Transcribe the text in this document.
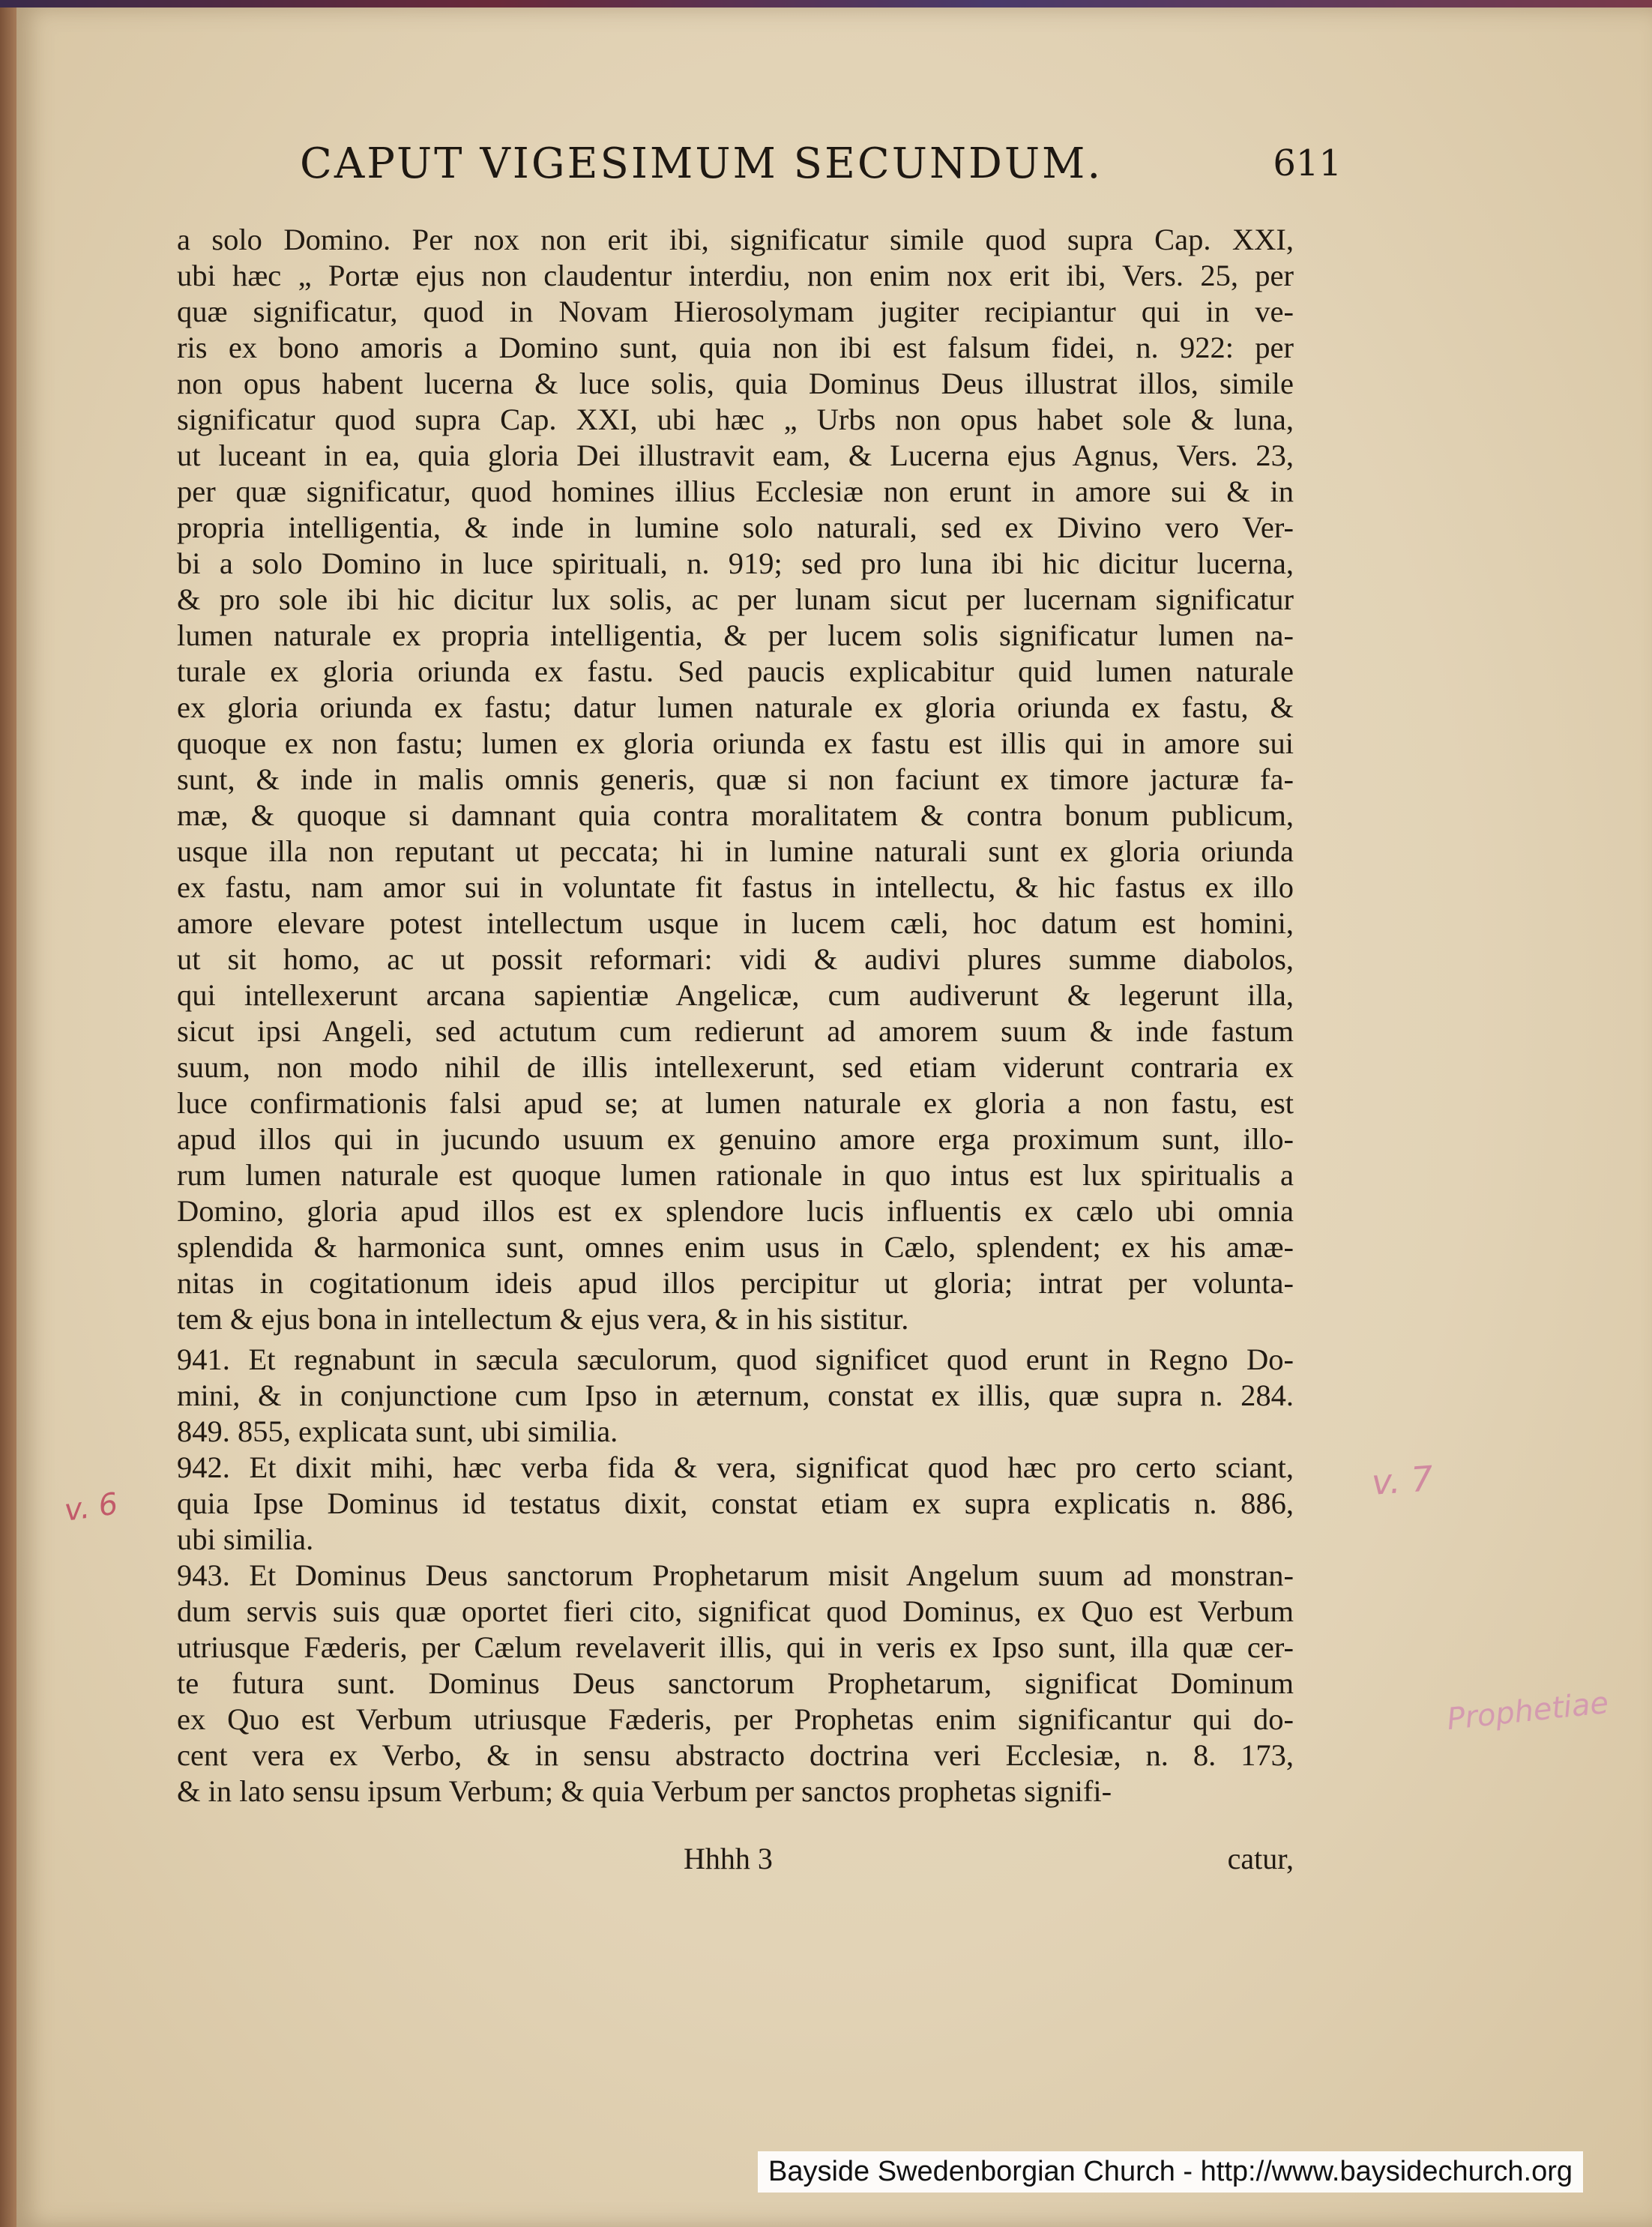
CAPUT VIGESIMUM SECUNDUM.	611
a solo Domino. Per nox non erit ibi, significatur simile quod supra Cap. XXI,
ubi hæc „ Portæ ejus non claudentur interdiu, non enim nox erit ibi, Vers. 25, per
quæ significatur, quod in Novam Hierosolymam jugiter recipiantur qui in ve-
ris ex bono amoris a Domino sunt, quia non ibi est falsum fidei, n. 922: per
non opus habent lucerna & luce solis, quia Dominus Deus illustrat illos, simile
significatur quod supra Cap. XXI, ubi hæc „ Urbs non opus habet sole & luna,
ut luceant in ea, quia gloria Dei illustravit eam, & Lucerna ejus Agnus, Vers. 23,
per quæ significatur, quod homines illius Ecclesiæ non erunt in amore sui & in
propria intelligentia, & inde in lumine solo naturali, sed ex Divino vero Ver-
bi a solo Domino in luce spirituali, n. 919; sed pro luna ibi hic dicitur lucerna,
& pro sole ibi hic dicitur lux solis, ac per lunam sicut per lucernam significatur
lumen naturale ex propria intelligentia, & per lucem solis significatur lumen na-
turale ex gloria oriunda ex fastu. Sed paucis explicabitur quid lumen naturale
ex gloria oriunda ex fastu; datur lumen naturale ex gloria oriunda ex fastu, &
quoque ex non fastu; lumen ex gloria oriunda ex fastu est illis qui in amore sui
sunt, & inde in malis omnis generis, quæ si non faciunt ex timore jacturæ fa-
mæ, & quoque si damnant quia contra moralitatem & contra bonum publicum,
usque illa non reputant ut peccata; hi in lumine naturali sunt ex gloria oriunda
ex fastu, nam amor sui in voluntate fit fastus in intellectu, & hic fastus ex illo
amore elevare potest intellectum usque in lucem cæli, hoc datum est homini,
ut sit homo, ac ut possit reformari: vidi & audivi plures summe diabolos,
qui intellexerunt arcana sapientiæ Angelicæ, cum audiverunt & legerunt illa,
sicut ipsi Angeli, sed actutum cum redierunt ad amorem suum & inde fastum
suum, non modo nihil de illis intellexerunt, sed etiam viderunt contraria ex
luce confirmationis falsi apud se; at lumen naturale ex gloria a non fastu, est
apud illos qui in jucundo usuum ex genuino amore erga proximum sunt, illo-
rum lumen naturale est quoque lumen rationale in quo intus est lux spiritualis a
Domino, gloria apud illos est ex splendore lucis influentis ex cælo ubi omnia
splendida & harmonica sunt, omnes enim usus in Cælo, splendent; ex his amæ-
nitas in cogitationum ideis apud illos percipitur ut gloria; intrat per volunta-
tem & ejus bona in intellectum & ejus vera, & in his sistitur.
941. Et regnabunt in sæcula sæculorum, quod significet quod erunt in Regno Do-
mini, & in conjunctione cum Ipso in æternum, constat ex illis, quæ supra n. 284.
849. 855, explicata sunt, ubi similia.
942. Et dixit mihi, hæc verba fida & vera, significat quod hæc pro certo sciant,
quia Ipse Dominus id testatus dixit, constat etiam ex supra explicatis n. 886,
ubi similia.
943. Et Dominus Deus sanctorum Prophetarum misit Angelum suum ad monstran-
dum servis suis quæ oportet fieri cito, significat quod Dominus, ex Quo est Verbum
utriusque Fæderis, per Cælum revelaverit illis, qui in veris ex Ipso sunt, illa quæ cer-
te futura sunt. Dominus Deus sanctorum Prophetarum, significat Dominum
ex Quo est Verbum utriusque Fæderis, per Prophetas enim significantur qui do-
cent vera ex Verbo, & in sensu abstracto doctrina veri Ecclesiæ, n. 8. 173,
& in lato sensu ipsum Verbum; & quia Verbum per sanctos prophetas signifi-
Hhhh 3	catur,
v. 6
v. 7
Prophetiae
Bayside Swedenborgian Church - http://www.baysidechurch.org
